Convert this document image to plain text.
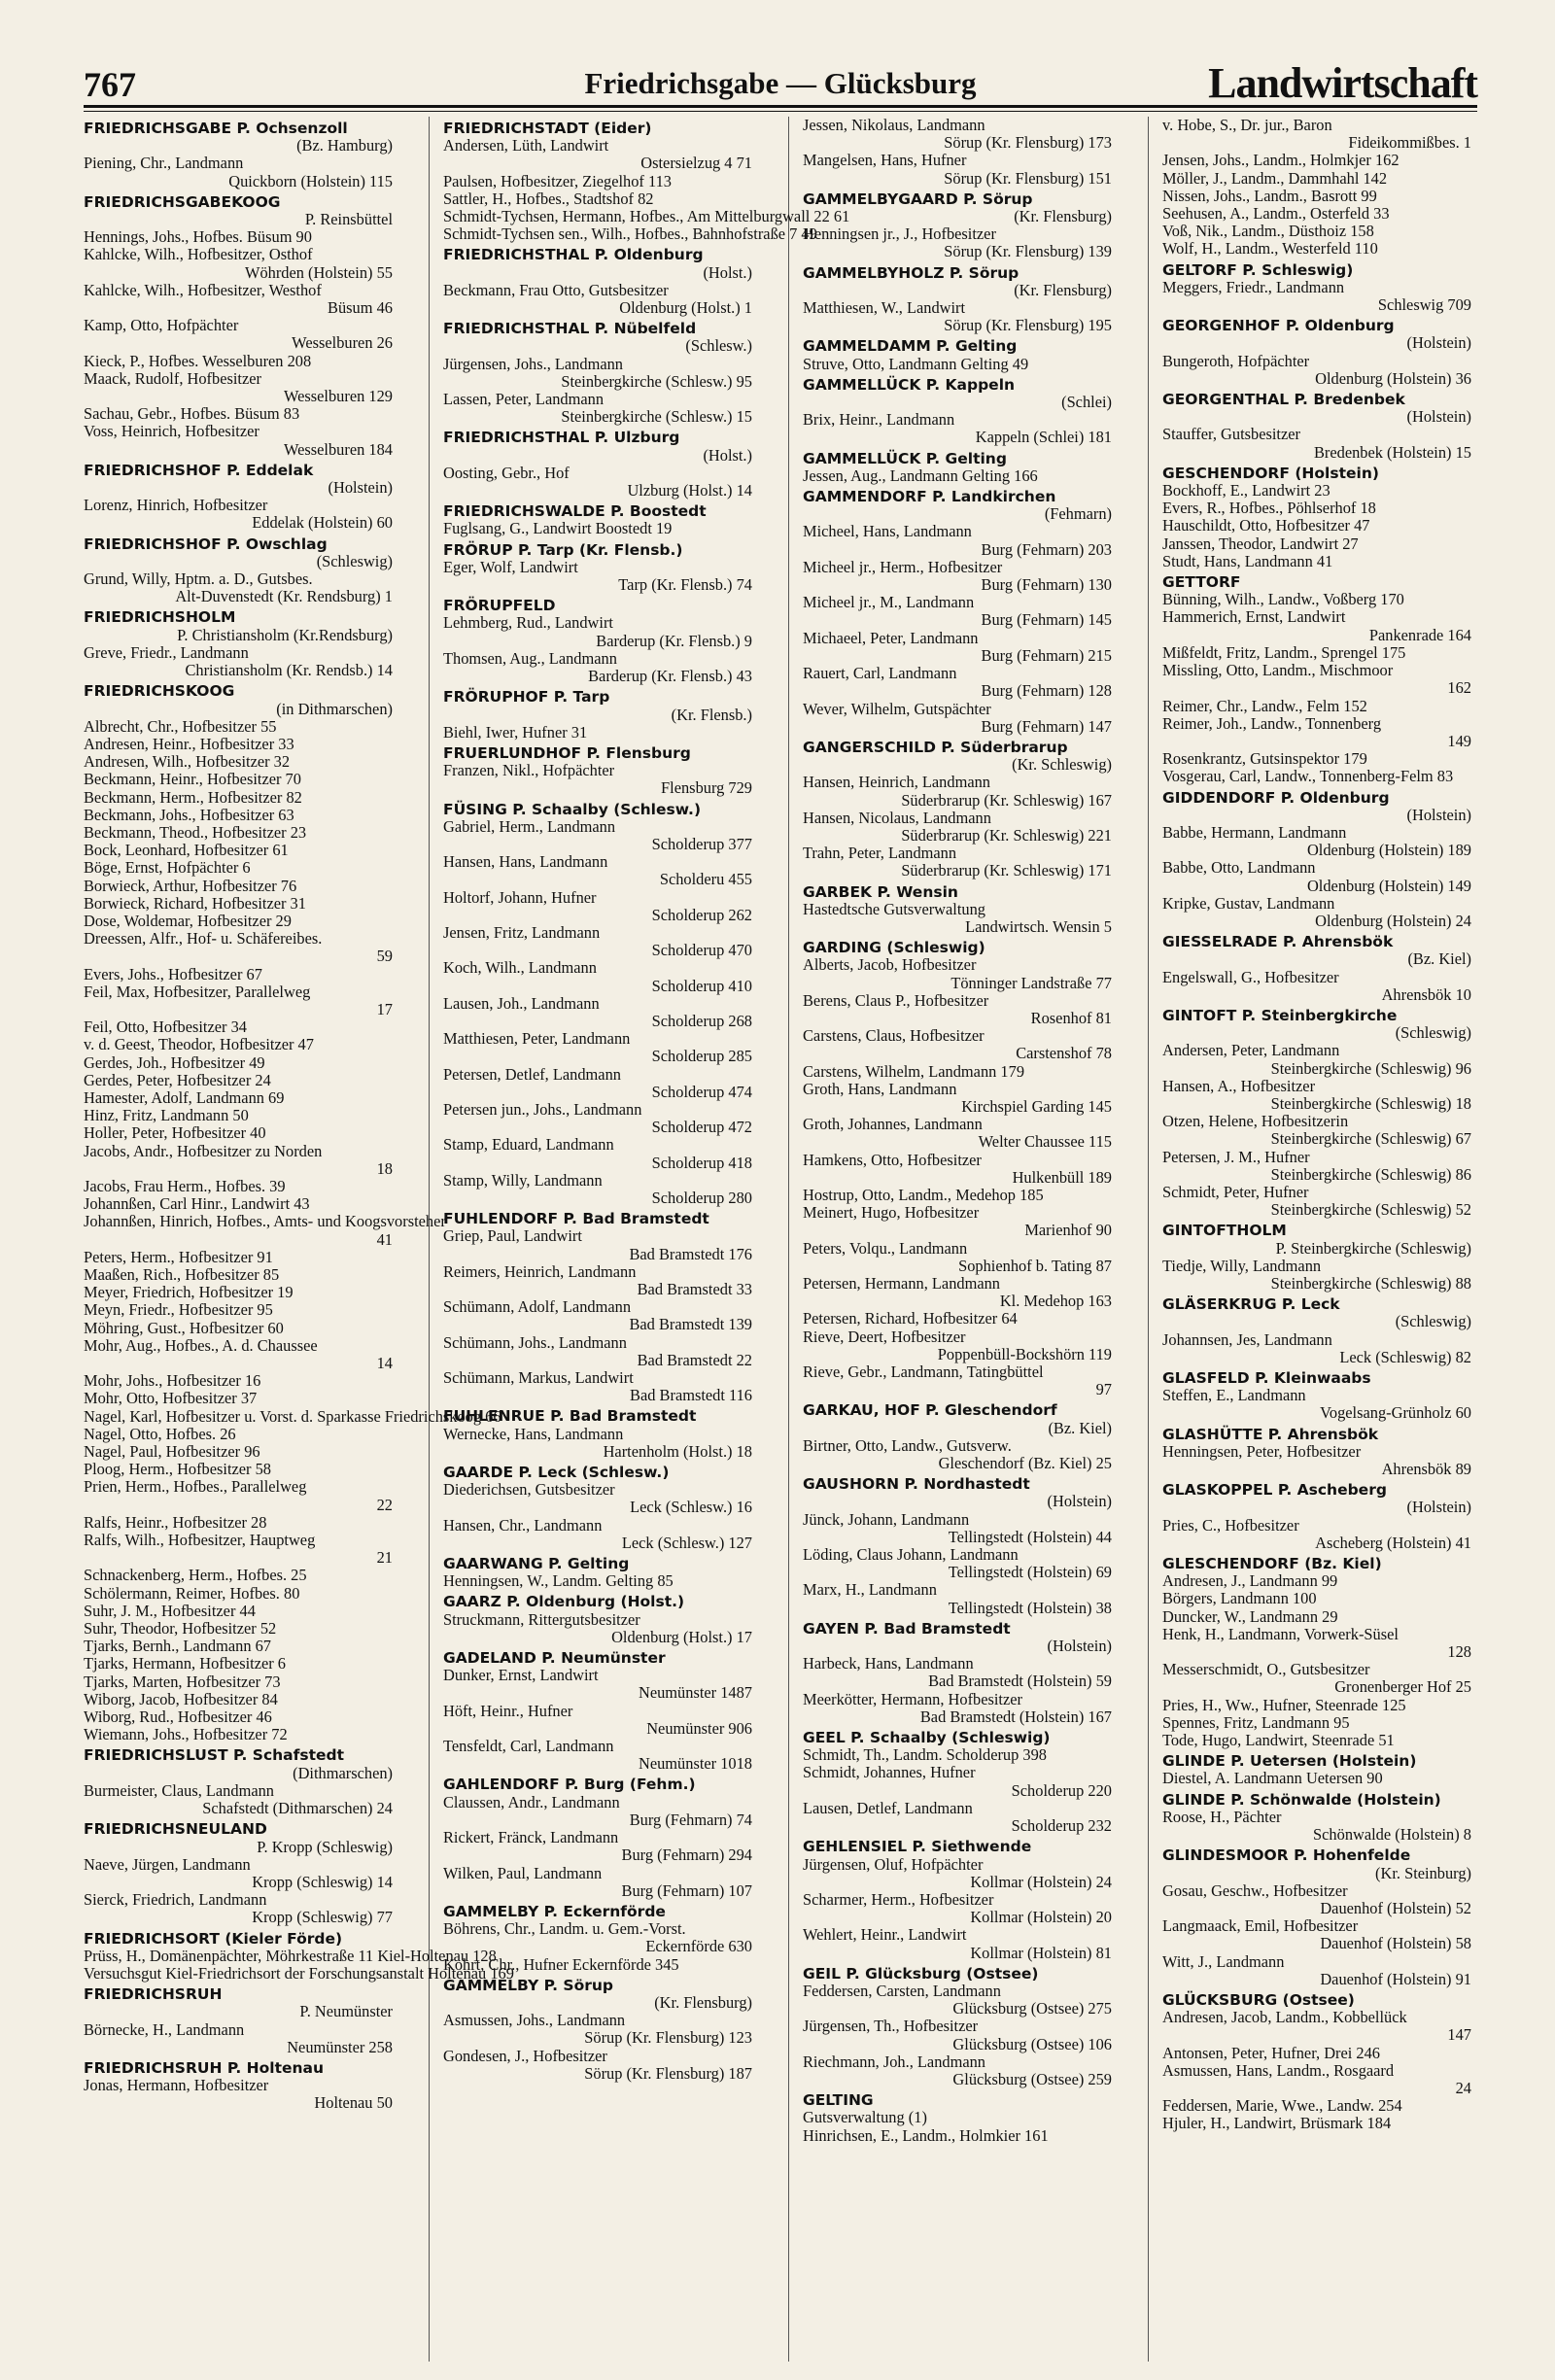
767	Friedrichsgabe — Glücksburg	Landwirtschaft
FRIEDRICHSGABE P. Ochsenzoll
(Bz. Hamburg)
Piening, Chr., Landmann
Quickborn (Holstein) 115
FRIEDRICHSGABEKOOG
P. Reinsbüttel
Hennings, Johs., Hofbes. Büsum 90
Kahlcke, Wilh., Hofbesitzer, Osthof
Wöhrden (Holstein) 55
Kahlcke, Wilh., Hofbesitzer, Westhof
Büsum 46
Kamp, Otto, Hofpächter
Wesselburen 26
Kieck, P., Hofbes. Wesselburen 208
Maack, Rudolf, Hofbesitzer
Wesselburen 129
Sachau, Gebr., Hofbes. Büsum 83
Voss, Heinrich, Hofbesitzer
Wesselburen 184
FRIEDRICHSHOF P. Eddelak
(Holstein)
Lorenz, Hinrich, Hofbesitzer
Eddelak (Holstein) 60
FRIEDRICHSHOF P. Owschlag
(Schleswig)
Grund, Willy, Hptm. a. D., Gutsbes.
Alt-Duvenstedt (Kr. Rendsburg) 1
FRIEDRICHSHOLM
P. Christiansholm (Kr.Rendsburg)
Greve, Friedr., Landmann
Christiansholm (Kr. Rendsb.) 14
FRIEDRICHSKOOG
(in Dithmarschen)
Albrecht, Chr., Hofbesitzer 55
Andresen, Heinr., Hofbesitzer 33
Andresen, Wilh., Hofbesitzer 32
Beckmann, Heinr., Hofbesitzer 70
Beckmann, Herm., Hofbesitzer 82
Beckmann, Johs., Hofbesitzer 63
Beckmann, Theod., Hofbesitzer 23
Bock, Leonhard, Hofbesitzer 61
Böge, Ernst, Hofpächter 6
Borwieck, Arthur, Hofbesitzer 76
Borwieck, Richard, Hofbesitzer 31
Dose, Woldemar, Hofbesitzer 29
Dreessen, Alfr., Hof- u. Schäfereibes.
59
Evers, Johs., Hofbesitzer 67
Feil, Max, Hofbesitzer, Parallelweg
17
Feil, Otto, Hofbesitzer 34
v. d. Geest, Theodor, Hofbesitzer 47
Gerdes, Joh., Hofbesitzer 49
Gerdes, Peter, Hofbesitzer 24
Hamester, Adolf, Landmann 69
Hinz, Fritz, Landmann 50
Holler, Peter, Hofbesitzer 40
Jacobs, Andr., Hofbesitzer zu Norden
18
Jacobs, Frau Herm., Hofbes. 39
Johannßen, Carl Hinr., Landwirt 43
Johannßen, Hinrich, Hofbes., Amts- und Koogsvorsteher
41
Peters, Herm., Hofbesitzer 91
Maaßen, Rich., Hofbesitzer 85
Meyer, Friedrich, Hofbesitzer 19
Meyn, Friedr., Hofbesitzer 95
Möhring, Gust., Hofbesitzer 60
Mohr, Aug., Hofbes., A. d. Chaussee
14
Mohr, Johs., Hofbesitzer 16
Mohr, Otto, Hofbesitzer 37
Nagel, Karl, Hofbesitzer u. Vorst. d. Sparkasse Friedrichskoog 66
Nagel, Otto, Hofbes. 26
Nagel, Paul, Hofbesitzer 96
Ploog, Herm., Hofbesitzer 58
Prien, Herm., Hofbes., Parallelweg
22
Ralfs, Heinr., Hofbesitzer 28
Ralfs, Wilh., Hofbesitzer, Hauptweg
21
Schnackenberg, Herm., Hofbes. 25
Schölermann, Reimer, Hofbes. 80
Suhr, J. M., Hofbesitzer 44
Suhr, Theodor, Hofbesitzer 52
Tjarks, Bernh., Landmann 67
Tjarks, Hermann, Hofbesitzer 6
Tjarks, Marten, Hofbesitzer 73
Wiborg, Jacob, Hofbesitzer 84
Wiborg, Rud., Hofbesitzer 46
Wiemann, Johs., Hofbesitzer 72
FRIEDRICHSLUST P. Schafstedt
(Dithmarschen)
Burmeister, Claus, Landmann
Schafstedt (Dithmarschen) 24
FRIEDRICHSNEULAND
P. Kropp (Schleswig)
Naeve, Jürgen, Landmann
Kropp (Schleswig) 14
Sierck, Friedrich, Landmann
Kropp (Schleswig) 77
FRIEDRICHSORT (Kieler Förde)
Prüss, H., Domänenpächter, Möhrkestraße 11 Kiel-Holtenau 128
Versuchsgut Kiel-Friedrichsort der Forschungsanstalt Holtenau 169
FRIEDRICHSRUH
P. Neumünster
Börnecke, H., Landmann
Neumünster 258
FRIEDRICHSRUH P. Holtenau
Jonas, Hermann, Hofbesitzer
Holtenau 50
FRIEDRICHSTADT (Eider)
Andersen, Lüth, Landwirt
Ostersielzug 4 71
Paulsen, Hofbesitzer, Ziegelhof 113
Sattler, H., Hofbes., Stadtshof 82
Schmidt-Tychsen, Hermann, Hofbes., Am Mittelburgwall 22 61
Schmidt-Tychsen sen., Wilh., Hofbes., Bahnhofstraße 7 49
FRIEDRICHSTHAL P. Oldenburg
(Holst.)
Beckmann, Frau Otto, Gutsbesitzer
Oldenburg (Holst.) 1
FRIEDRICHSTHAL P. Nübelfeld
(Schlesw.)
Jürgensen, Johs., Landmann
Steinbergkirche (Schlesw.) 95
Lassen, Peter, Landmann
Steinbergkirche (Schlesw.) 15
FRIEDRICHSTHAL P. Ulzburg
(Holst.)
Oosting, Gebr., Hof
Ulzburg (Holst.) 14
FRIEDRICHSWALDE P. Boostedt
Fuglsang, G., Landwirt Boostedt 19
FRÖRUP P. Tarp (Kr. Flensb.)
Eger, Wolf, Landwirt
Tarp (Kr. Flensb.) 74
FRÖRUPFELD
Lehmberg, Rud., Landwirt
Barderup (Kr. Flensb.) 9
Thomsen, Aug., Landmann
Barderup (Kr. Flensb.) 43
FRÖRUPHOF P. Tarp
(Kr. Flensb.)
Biehl, Iwer, Hufner 31
FRUERLUNDHOF P. Flensburg
Franzen, Nikl., Hofpächter
Flensburg 729
FÜSING P. Schaalby (Schlesw.)
Gabriel, Herm., Landmann
Scholderup 377
Hansen, Hans, Landmann
Scholderu 455
Holtorf, Johann, Hufner
Scholderup 262
Jensen, Fritz, Landmann
Scholderup 470
Koch, Wilh., Landmann
Scholderup 410
Lausen, Joh., Landmann
Scholderup 268
Matthiesen, Peter, Landmann
Scholderup 285
Petersen, Detlef, Landmann
Scholderup 474
Petersen jun., Johs., Landmann
Scholderup 472
Stamp, Eduard, Landmann
Scholderup 418
Stamp, Willy, Landmann
Scholderup 280
FUHLENDORF P. Bad Bramstedt
Griep, Paul, Landwirt
Bad Bramstedt 176
Reimers, Heinrich, Landmann
Bad Bramstedt 33
Schümann, Adolf, Landmann
Bad Bramstedt 139
Schümann, Johs., Landmann
Bad Bramstedt 22
Schümann, Markus, Landwirt
Bad Bramstedt 116
FUHLENRUE P. Bad Bramstedt
Wernecke, Hans, Landmann
Hartenholm (Holst.) 18
GAARDE P. Leck (Schlesw.)
Diederichsen, Gutsbesitzer
Leck (Schlesw.) 16
Hansen, Chr., Landmann
Leck (Schlesw.) 127
GAARWANG P. Gelting
Henningsen, W., Landm. Gelting 85
GAARZ P. Oldenburg (Holst.)
Struckmann, Rittergutsbesitzer
Oldenburg (Holst.) 17
GADELAND P. Neumünster
Dunker, Ernst, Landwirt
Neumünster 1487
Höft, Heinr., Hufner
Neumünster 906
Tensfeldt, Carl, Landmann
Neumünster 1018
GAHLENDORF P. Burg (Fehm.)
Claussen, Andr., Landmann
Burg (Fehmarn) 74
Rickert, Fränck, Landmann
Burg (Fehmarn) 294
Wilken, Paul, Landmann
Burg (Fehmarn) 107
GAMMELBY P. Eckernförde
Böhrens, Chr., Landm. u. Gem.-Vorst.
Eckernförde 630
Kohrt, Chr., Hufner Eckernförde 345
GAMMELBY P. Sörup
(Kr. Flensburg)
Asmussen, Johs., Landmann
Sörup (Kr. Flensburg) 123
Gondesen, J., Hofbesitzer
Sörup (Kr. Flensburg) 187
Jessen, Nikolaus, Landmann
Sörup (Kr. Flensburg) 173
Mangelsen, Hans, Hufner
Sörup (Kr. Flensburg) 151
GAMMELBYGAARD P. Sörup
(Kr. Flensburg)
Henningsen jr., J., Hofbesitzer
Sörup (Kr. Flensburg) 139
GAMMELBYHOLZ P. Sörup
(Kr. Flensburg)
Matthiesen, W., Landwirt
Sörup (Kr. Flensburg) 195
GAMMELDAMM P. Gelting
Struve, Otto, Landmann Gelting 49
GAMMELLÜCK P. Kappeln
(Schlei)
Brix, Heinr., Landmann
Kappeln (Schlei) 181
GAMMELLÜCK P. Gelting
Jessen, Aug., Landmann Gelting 166
GAMMENDORF P. Landkirchen
(Fehmarn)
Micheel, Hans, Landmann
Burg (Fehmarn) 203
Micheel jr., Herm., Hofbesitzer
Burg (Fehmarn) 130
Micheel jr., M., Landmann
Burg (Fehmarn) 145
Michaeel, Peter, Landmann
Burg (Fehmarn) 215
Rauert, Carl, Landmann
Burg (Fehmarn) 128
Wever, Wilhelm, Gutspächter
Burg (Fehmarn) 147
GANGERSCHILD P. Süderbrarup
(Kr. Schleswig)
Hansen, Heinrich, Landmann
Süderbrarup (Kr. Schleswig) 167
Hansen, Nicolaus, Landmann
Süderbrarup (Kr. Schleswig) 221
Trahn, Peter, Landmann
Süderbrarup (Kr. Schleswig) 171
GARBEK P. Wensin
Hastedtsche Gutsverwaltung
Landwirtsch. Wensin 5
GARDING (Schleswig)
Alberts, Jacob, Hofbesitzer
Tönninger Landstraße 77
Berens, Claus P., Hofbesitzer
Rosenhof 81
Carstens, Claus, Hofbesitzer
Carstenshof 78
Carstens, Wilhelm, Landmann 179
Groth, Hans, Landmann
Kirchspiel Garding 145
Groth, Johannes, Landmann
Welter Chaussee 115
Hamkens, Otto, Hofbesitzer
Hulkenbüll 189
Hostrup, Otto, Landm., Medehop 185
Meinert, Hugo, Hofbesitzer
Marienhof 90
Peters, Volqu., Landmann
Sophienhof b. Tating 87
Petersen, Hermann, Landmann
Kl. Medehop 163
Petersen, Richard, Hofbesitzer 64
Rieve, Deert, Hofbesitzer
Poppenbüll-Bockshörn 119
Rieve, Gebr., Landmann, Tatingbüttel
97
GARKAU, HOF P. Gleschendorf
(Bz. Kiel)
Birtner, Otto, Landw., Gutsverw.
Gleschendorf (Bz. Kiel) 25
GAUSHORN P. Nordhastedt
(Holstein)
Jünck, Johann, Landmann
Tellingstedt (Holstein) 44
Löding, Claus Johann, Landmann
Tellingstedt (Holstein) 69
Marx, H., Landmann
Tellingstedt (Holstein) 38
GAYEN P. Bad Bramstedt
(Holstein)
Harbeck, Hans, Landmann
Bad Bramstedt (Holstein) 59
Meerkötter, Hermann, Hofbesitzer
Bad Bramstedt (Holstein) 167
GEEL P. Schaalby (Schleswig)
Schmidt, Th., Landm. Scholderup 398
Schmidt, Johannes, Hufner
Scholderup 220
Lausen, Detlef, Landmann
Scholderup 232
GEHLENSIEL P. Siethwende
Jürgensen, Oluf, Hofpächter
Kollmar (Holstein) 24
Scharmer, Herm., Hofbesitzer
Kollmar (Holstein) 20
Wehlert, Heinr., Landwirt
Kollmar (Holstein) 81
GEIL P. Glücksburg (Ostsee)
Feddersen, Carsten, Landmann
Glücksburg (Ostsee) 275
Jürgensen, Th., Hofbesitzer
Glücksburg (Ostsee) 106
Riechmann, Joh., Landmann
Glücksburg (Ostsee) 259
GELTING
Gutsverwaltung (1)
Hinrichsen, E., Landm., Holmkier 161
v. Hobe, S., Dr. jur., Baron
Fideikommißbes. 1
Jensen, Johs., Landm., Holmkjer 162
Möller, J., Landm., Dammhahl 142
Nissen, Johs., Landm., Basrott 99
Seehusen, A., Landm., Osterfeld 33
Voß, Nik., Landm., Düsthoiz 158
Wolf, H., Landm., Westerfeld 110
GELTORF P. Schleswig)
Meggers, Friedr., Landmann
Schleswig 709
GEORGENHOF P. Oldenburg
(Holstein)
Bungeroth, Hofpächter
Oldenburg (Holstein) 36
GEORGENTHAL P. Bredenbek
(Holstein)
Stauffer, Gutsbesitzer
Bredenbek (Holstein) 15
GESCHENDORF (Holstein)
Bockhoff, E., Landwirt 23
Evers, R., Hofbes., Pöhlserhof 18
Hauschildt, Otto, Hofbesitzer 47
Janssen, Theodor, Landwirt 27
Studt, Hans, Landmann 41
GETTORF
Bünning, Wilh., Landw., Voßberg 170
Hammerich, Ernst, Landwirt
Pankenrade 164
Mißfeldt, Fritz, Landm., Sprengel 175
Missling, Otto, Landm., Mischmoor
162
Reimer, Chr., Landw., Felm 152
Reimer, Joh., Landw., Tonnenberg
149
Rosenkrantz, Gutsinspektor 179
Vosgerau, Carl, Landw., Tonnenberg-Felm 83
GIDDENDORF P. Oldenburg
(Holstein)
Babbe, Hermann, Landmann
Oldenburg (Holstein) 189
Babbe, Otto, Landmann
Oldenburg (Holstein) 149
Kripke, Gustav, Landmann
Oldenburg (Holstein) 24
GIESSELRADE P. Ahrensbök
(Bz. Kiel)
Engelswall, G., Hofbesitzer
Ahrensbök 10
GINTOFT P. Steinbergkirche
(Schleswig)
Andersen, Peter, Landmann
Steinbergkirche (Schleswig) 96
Hansen, A., Hofbesitzer
Steinbergkirche (Schleswig) 18
Otzen, Helene, Hofbesitzerin
Steinbergkirche (Schleswig) 67
Petersen, J. M., Hufner
Steinbergkirche (Schleswig) 86
Schmidt, Peter, Hufner
Steinbergkirche (Schleswig) 52
GINTOFTHOLM
P. Steinbergkirche (Schleswig)
Tiedje, Willy, Landmann
Steinbergkirche (Schleswig) 88
GLÄSERKRUG P. Leck
(Schleswig)
Johannsen, Jes, Landmann
Leck (Schleswig) 82
GLASFELD P. Kleinwaabs
Steffen, E., Landmann
Vogelsang-Grünholz 60
GLASHÜTTE P. Ahrensbök
Henningsen, Peter, Hofbesitzer
Ahrensbök 89
GLASKOPPEL P. Ascheberg
(Holstein)
Pries, C., Hofbesitzer
Ascheberg (Holstein) 41
GLESCHENDORF (Bz. Kiel)
Andresen, J., Landmann 99
Börgers, Landmann 100
Duncker, W., Landmann 29
Henk, H., Landmann, Vorwerk-Süsel
128
Messerschmidt, O., Gutsbesitzer
Gronenberger Hof 25
Pries, H., Ww., Hufner, Steenrade 125
Spennes, Fritz, Landmann 95
Tode, Hugo, Landwirt, Steenrade 51
GLINDE P. Uetersen (Holstein)
Diestel, A. Landmann Uetersen 90
GLINDE P. Schönwalde (Holstein)
Roose, H., Pächter
Schönwalde (Holstein) 8
GLINDESMOOR P. Hohenfelde
(Kr. Steinburg)
Gosau, Geschw., Hofbesitzer
Dauenhof (Holstein) 52
Langmaack, Emil, Hofbesitzer
Dauenhof (Holstein) 58
Witt, J., Landmann
Dauenhof (Holstein) 91
GLÜCKSBURG (Ostsee)
Andresen, Jacob, Landm., Kobbellück
147
Antonsen, Peter, Hufner, Drei 246
Asmussen, Hans, Landm., Rosgaard
24
Feddersen, Marie, Wwe., Landw. 254
Hjuler, H., Landwirt, Brüsmark 184
